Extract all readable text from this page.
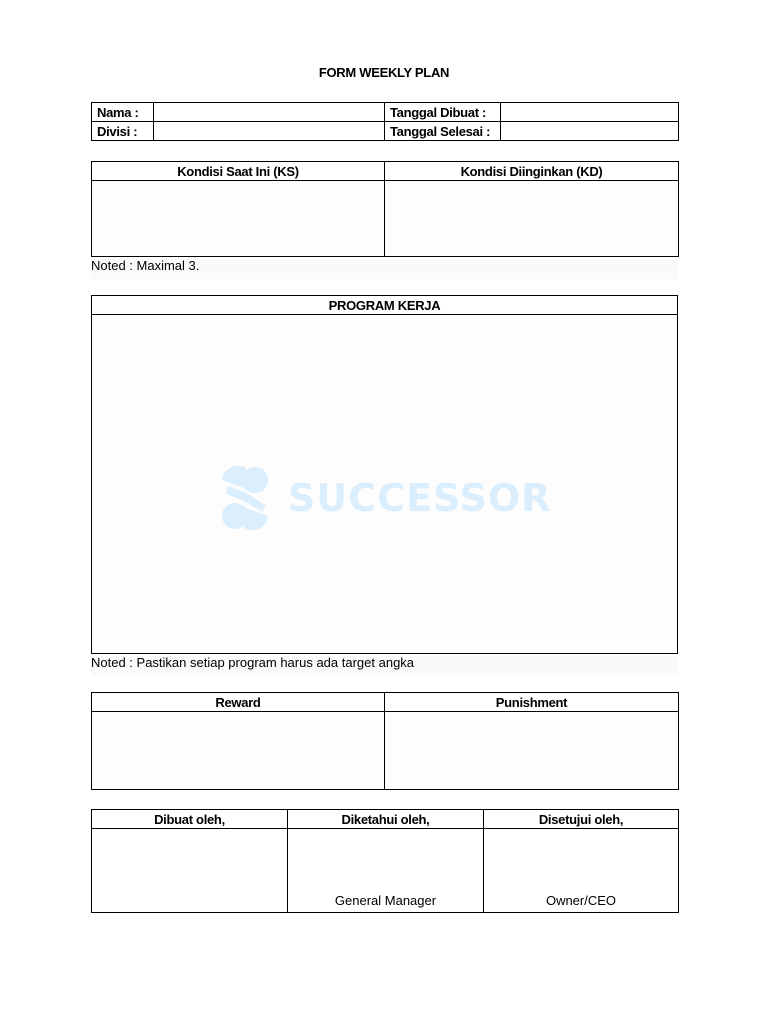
FORM WEEKLY PLAN
Nama :		Tanggal Dibuat :	
Divisi :		Tanggal Selesai :	
Kondisi Saat Ini (KS)	Kondisi Diinginkan (KD)

Noted : Maximal 3.
PROGRAM KERJA

SUCCESSOR
Noted : Pastikan setiap program harus ada target angka
Reward	Punishment

Dibuat oleh,	Diketahui oleh,	Disetujui oleh,
	General Manager	Owner/CEO
